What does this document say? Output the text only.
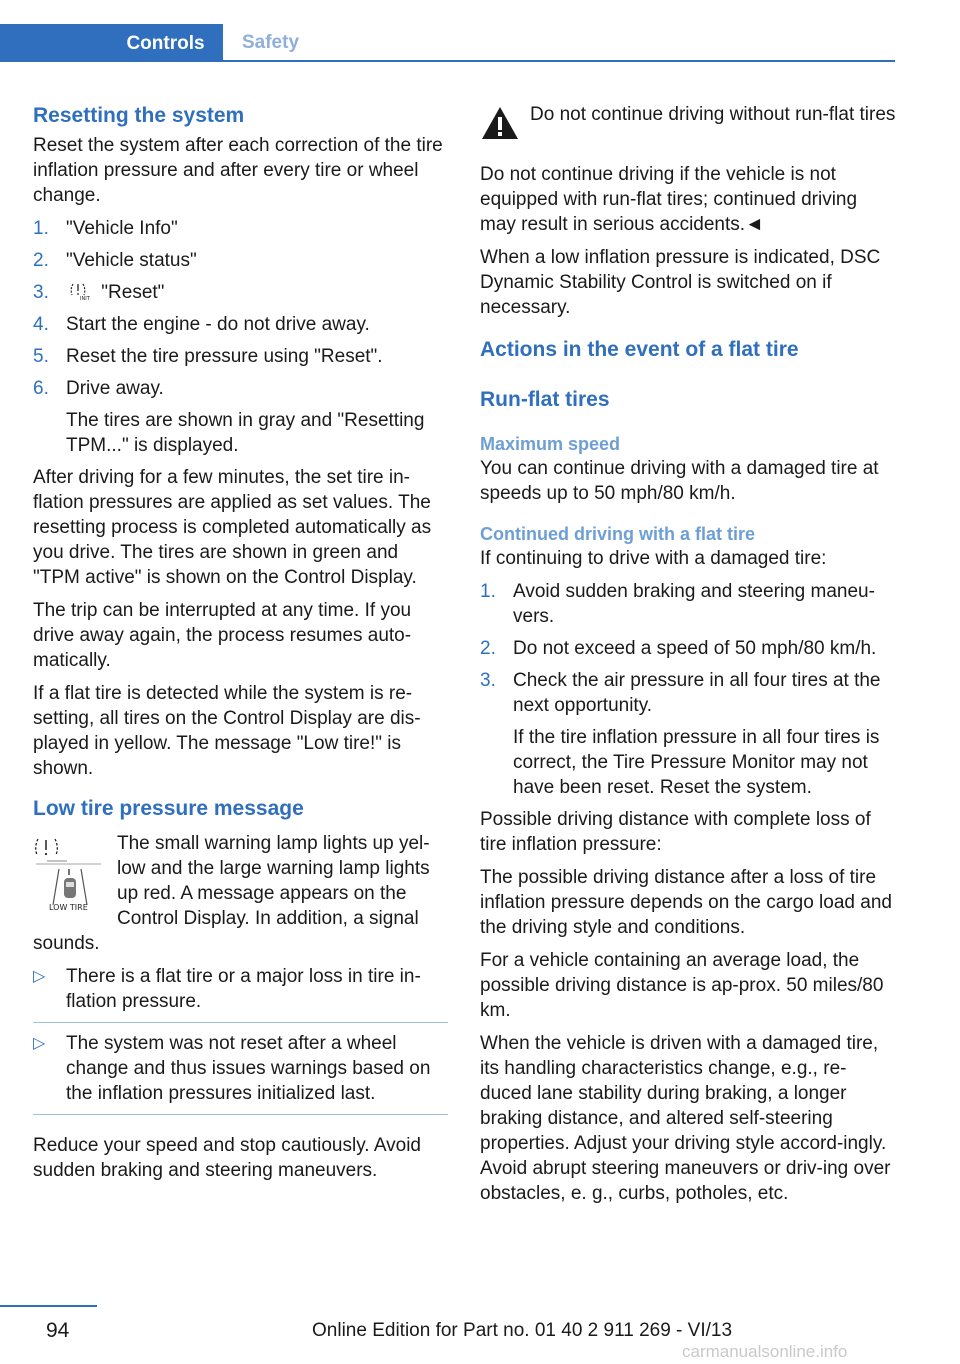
Controls	Safety
Resetting the system

Reset the system after each correction of the tire inflation pressure and after every tire or wheel change.

1. "Vehicle Info"
2. "Vehicle status"
3.	INIT "Reset"
4. Start the engine - do not drive away.
5. Reset the tire pressure using "Reset".
6. Drive away.
The tires are shown in gray and "Resetting TPM..." is displayed.

After driving for a few minutes, the set tire in-flation pressures are applied as set values. The resetting process is completed automatically as you drive. The tires are shown in green and "TPM active" is shown on the Control Display.

The trip can be interrupted at any time. If you drive away again, the process resumes auto-matically.

If a flat tire is detected while the system is re-setting, all tires on the Control Display are dis-played in yellow. The message "Low tire!" is shown.

Low tire pressure message
LOW TIRE

The small warning lamp lights up yel-low and the large warning lamp lights up red. A message appears on the Control Display. In addition, a signal sounds.

▷ There is a flat tire or a major loss in tire in-flation pressure.
▷ The system was not reset after a wheel change and thus issues warnings based on the inflation pressures initialized last.

Reduce your speed and stop cautiously. Avoid sudden braking and steering maneuvers.

Do not continue driving without run-flat tires

Do not continue driving if the vehicle is not equipped with run-flat tires; continued driving may result in serious accidents.◄

When a low inflation pressure is indicated, DSC Dynamic Stability Control is switched on if necessary.

Actions in the event of a flat tire
Run-flat tires
Maximum speed

You can continue driving with a damaged tire at speeds up to 50 mph/80 km/h.

Continued driving with a flat tire

If continuing to drive with a damaged tire:

1. Avoid sudden braking and steering maneu-vers.
2. Do not exceed a speed of 50 mph/80 km/h.
3. Check the air pressure in all four tires at the next opportunity.
If the tire inflation pressure in all four tires is correct, the Tire Pressure Monitor may not have been reset. Reset the system.

Possible driving distance with complete loss of tire inflation pressure:

The possible driving distance after a loss of tire inflation pressure depends on the cargo load and the driving style and conditions.

For a vehicle containing an average load, the possible driving distance is ap-prox. 50 miles/80 km.

When the vehicle is driven with a damaged tire, its handling characteristics change, e.g., re-duced lane stability during braking, a longer braking distance, and altered self-steering properties. Adjust your driving style accord-ingly. Avoid abrupt steering maneuvers or driv-ing over obstacles, e. g., curbs, potholes, etc.

94	Online Edition for Part no. 01 40 2 911 269 - VI/13
carmanualsonline.info
